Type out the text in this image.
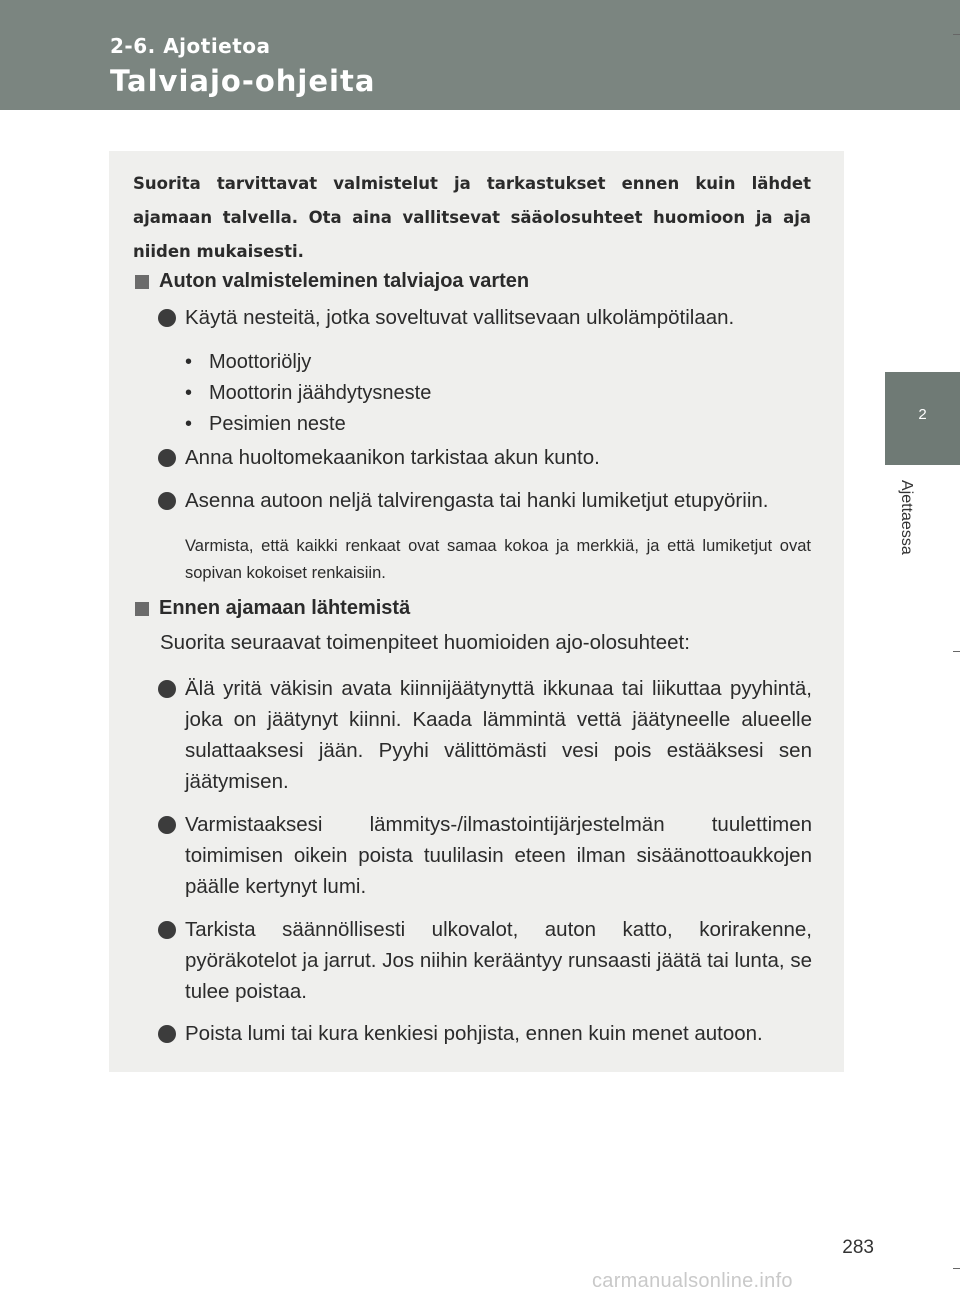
2-6. Ajotietoa
Talviajo-ohjeita
2
Ajettaessa

Suorita tarvittavat valmistelut ja tarkastukset ennen kuin lähdet ajamaan talvella. Ota aina vallitsevat sääolosuhteet huomioon ja aja niiden mukaisesti.

Auton valmisteleminen talviajoa varten
Käytä nesteitä, jotka soveltuvat vallitsevaan ulkolämpötilaan.
• Moottoriöljy
• Moottorin jäähdytysneste
• Pesimien neste
Anna huoltomekaanikon tarkistaa akun kunto.
Asenna autoon neljä talvirengasta tai hanki lumiketjut etupyöriin.

Varmista, että kaikki renkaat ovat samaa kokoa ja merkkiä, ja että lumiketjut ovat sopivan kokoiset renkaisiin.

Ennen ajamaan lähtemistä
Suorita seuraavat toimenpiteet huomioiden ajo-olosuhteet:
Älä yritä väkisin avata kiinnijäätynyttä ikkunaa tai liikuttaa pyyhintä, joka on jäätynyt kiinni. Kaada lämmintä vettä jäätyneelle alueelle sulattaaksesi jään. Pyyhi välittömästi vesi pois estääksesi sen jäätymisen.
Varmistaaksesi lämmitys-/ilmastointijärjestelmän tuulettimen toimimisen oikein poista tuulilasin eteen ilman sisäänottoaukkojen päälle kertynyt lumi.
Tarkista säännöllisesti ulkovalot, auton katto, korirakenne, pyöräkotelot ja jarrut. Jos niihin kerääntyy runsaasti jäätä tai lunta, se tulee poistaa.
Poista lumi tai kura kenkiesi pohjista, ennen kuin menet autoon.
283
carmanualsonline.info
